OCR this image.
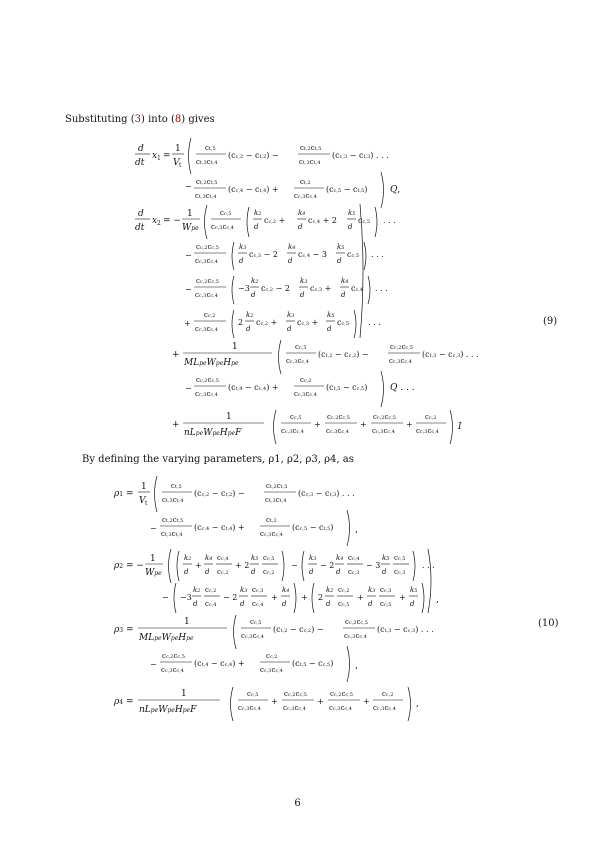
Substituting (3) into (8) gives
(9)
By defining the varying parameters, ρ1, ρ2, ρ3, ρ4, as
(10)
6
d
dt
x 1 =
1
V t
ct,5
ct,3ct,4
(cc,2 − ct,2) −
ct,2ct,5
ct,3ct,4
(cc,3 − ct,3) . . .
− ct,2ct,5
ct,3ct,4
(cc,4 − ct,4) +
ct,2
cc,3cc,4
(cc,5 − ct,5)	Q,
d
dt
x 2 = −
1
Wpe
cc,5
cc,3cc,4
k2
d
cc,2 +
k4
d
cc,4 + 2
k5
d
cc,5 . . .
−
cc,2cc,5
cc,3cc,4
k3
d
cc,3 − 2
k4
d
cc,4 − 3
k5
d
cc,5 . . .
−
cc,2cc,5
cc,3cc,4
−3
k2
d
cc,2 − 2
k3
d
cc,3 +
k4
d
cc,4 . . .
+
cc,2
cc,3cc,4
2
k2
d
cc,2 +
k3
d
cc,3 +
k5
d
cc,5 . . .
+
1
MLpeWpeHpe
cc,5
cc,3cc,4
(ct,2 − cc,2) −
cc,2cc,5
cc,3cc,4
(ct,3 − cc,3) . . .
−
cc,2cc,5
cc,3cc,4
(ct,4 − cc,4) +
cc,2
cc,3cc,4
(ct,5 − cc,5)	Q . . .
+
1
nLpeWpeHpeF
cc,5
cc,3cc,4
+
cc,2cc,5
cc,3cc,4
+
cc,2cc,5
cc,3cc,4
+
cc,2
cc,3cc,4 I
ρ1 =
1
V t
ct,5
ct,3ct,4
(cc,2 − ct,2) −
ct,2ct,5
ct,3ct,4
(cc,3 − ct,3) . . .
−
ct,2ct,5
ct,3ct,4
(cc,4 − ct,4) +
ct,2
cc,3cc,4
(cc,5 − ct,5) ,
ρ2 = −
1
Wpe
k2
d
+
k4
d
cc,4
cc,2
+ 2
k5
d
cc,5
cc,2
−
k3
d
− 2
k4
d
cc,4
cc,3
− 3
k5
d
cc,5
cc,3
. . .
− −3
k2
d
cc,2
cc,4
− 2
k3
d
cc,3
cc,4
+
k4
d
+ 2
k2
d
cc,2
cc,5
+
k3
d
cc,3
cc,5
+
k5
d ,
ρ3 =
1
MLpeWpeHpe
cc,5
cc,3cc,4
(ct,2 − cc,2) −
cc,2cc,5
cc,3cc,4
(ct,3 − cc,3) . . .
−
cc,2cc,5
cc,3cc,4
(ct,4 − cc,4) +
cc,2
cc,3cc,4
(ct,5 − cc,5) ,
ρ4 =
1
nLpeWpeHpeF
cc,5
cc,3cc,4
+
cc,2cc,5
cc,3cc,4
+
cc,2cc,5
cc,3cc,4
+
cc,2
cc,3cc,4 ,
